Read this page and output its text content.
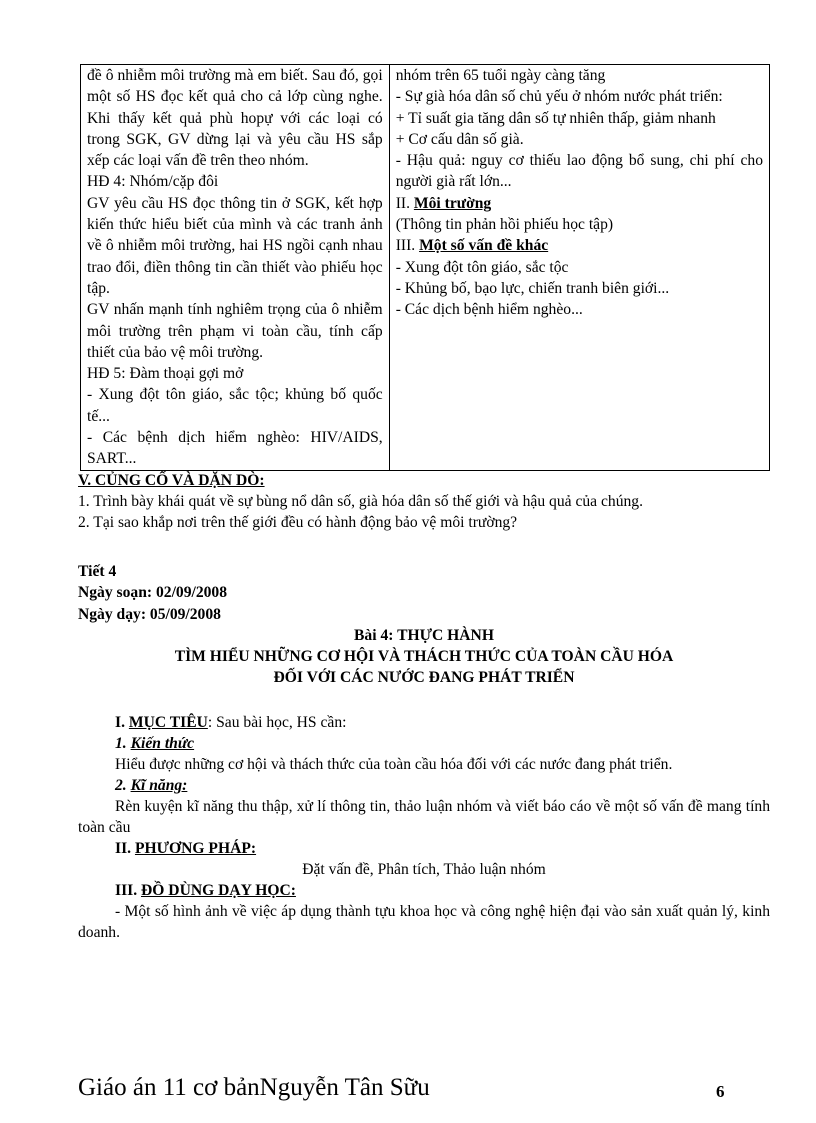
đề ô nhiễm môi trường mà em biết. Sau đó, gọi một số HS đọc kết quả cho cả lớp cùng nghe. Khi thấy kết quả phù hopự với các loại có trong SGK, GV dừng lại và yêu cầu HS sắp xếp các loại vấn đề trên theo nhóm.
HĐ 4: Nhóm/cặp đôi
GV yêu cầu HS đọc thông tin ở SGK, kết hợp kiến thức hiểu biết của mình và các tranh ảnh về ô nhiễm môi trường, hai HS ngồi cạnh nhau trao đổi, điền thông tin cần thiết vào phiếu học tập.
GV nhấn mạnh tính nghiêm trọng của ô nhiễm môi trường trên phạm vi toàn cầu, tính cấp thiết của bảo vệ môi trường.
HĐ 5: Đàm thoại gợi mở
- Xung đột tôn giáo, sắc tộc; khủng bố quốc tế...
- Các bệnh dịch hiểm nghèo: HIV/AIDS, SART...

nhóm trên 65 tuổi ngày càng tăng
- Sự già hóa dân số chủ yếu ở nhóm nước phát triển:
+ Tỉ suất gia tăng dân số tự nhiên thấp, giảm nhanh
+ Cơ cấu dân số già.
- Hậu quả: nguy cơ thiếu lao động bổ sung, chi phí cho người già rất lớn...
II. Môi trường
(Thông tin phản hồi phiếu học tập)
III. Một số vấn đề khác
- Xung đột tôn giáo, sắc tộc
- Khủng bố, bạo lực, chiến tranh biên giới...
- Các dịch bệnh hiểm nghèo...
V. CỦNG CỐ VÀ DẶN DÒ:
1. Trình bày khái quát về sự bùng nổ dân số, già hóa dân số thế giới và hậu quả của chúng.
2. Tại sao khắp nơi trên thế giới đều có hành động bảo vệ môi trường?
Tiết 4
Ngày soạn: 02/09/2008
Ngày dạy: 05/09/2008
Bài 4: THỰC HÀNH
TÌM HIỂU NHỮNG CƠ HỘI VÀ THÁCH THỨC CỦA TOÀN CẦU HÓA
ĐỐI VỚI CÁC NƯỚC ĐANG PHÁT TRIỂN
I. MỤC TIÊU: Sau bài học, HS cần:
1. Kiến thức
Hiểu được những cơ hội và thách thức của toàn cầu hóa đối với các nước đang phát triển.
2. Kĩ năng:
Rèn kuyện kĩ năng thu thập, xử lí thông tin, thảo luận nhóm và viết báo cáo về một số vấn đề mang tính toàn cầu
II. PHƯƠNG PHÁP:
Đặt vấn đề, Phân tích, Thảo luận nhóm
III. ĐỒ DÙNG DẠY HỌC:
- Một số hình ảnh về việc áp dụng thành tựu khoa học và công nghệ hiện đại vào sản xuất quản lý, kinh doanh.
Giáo án 11 cơ bảnNguyễn Tân Sữu	6
